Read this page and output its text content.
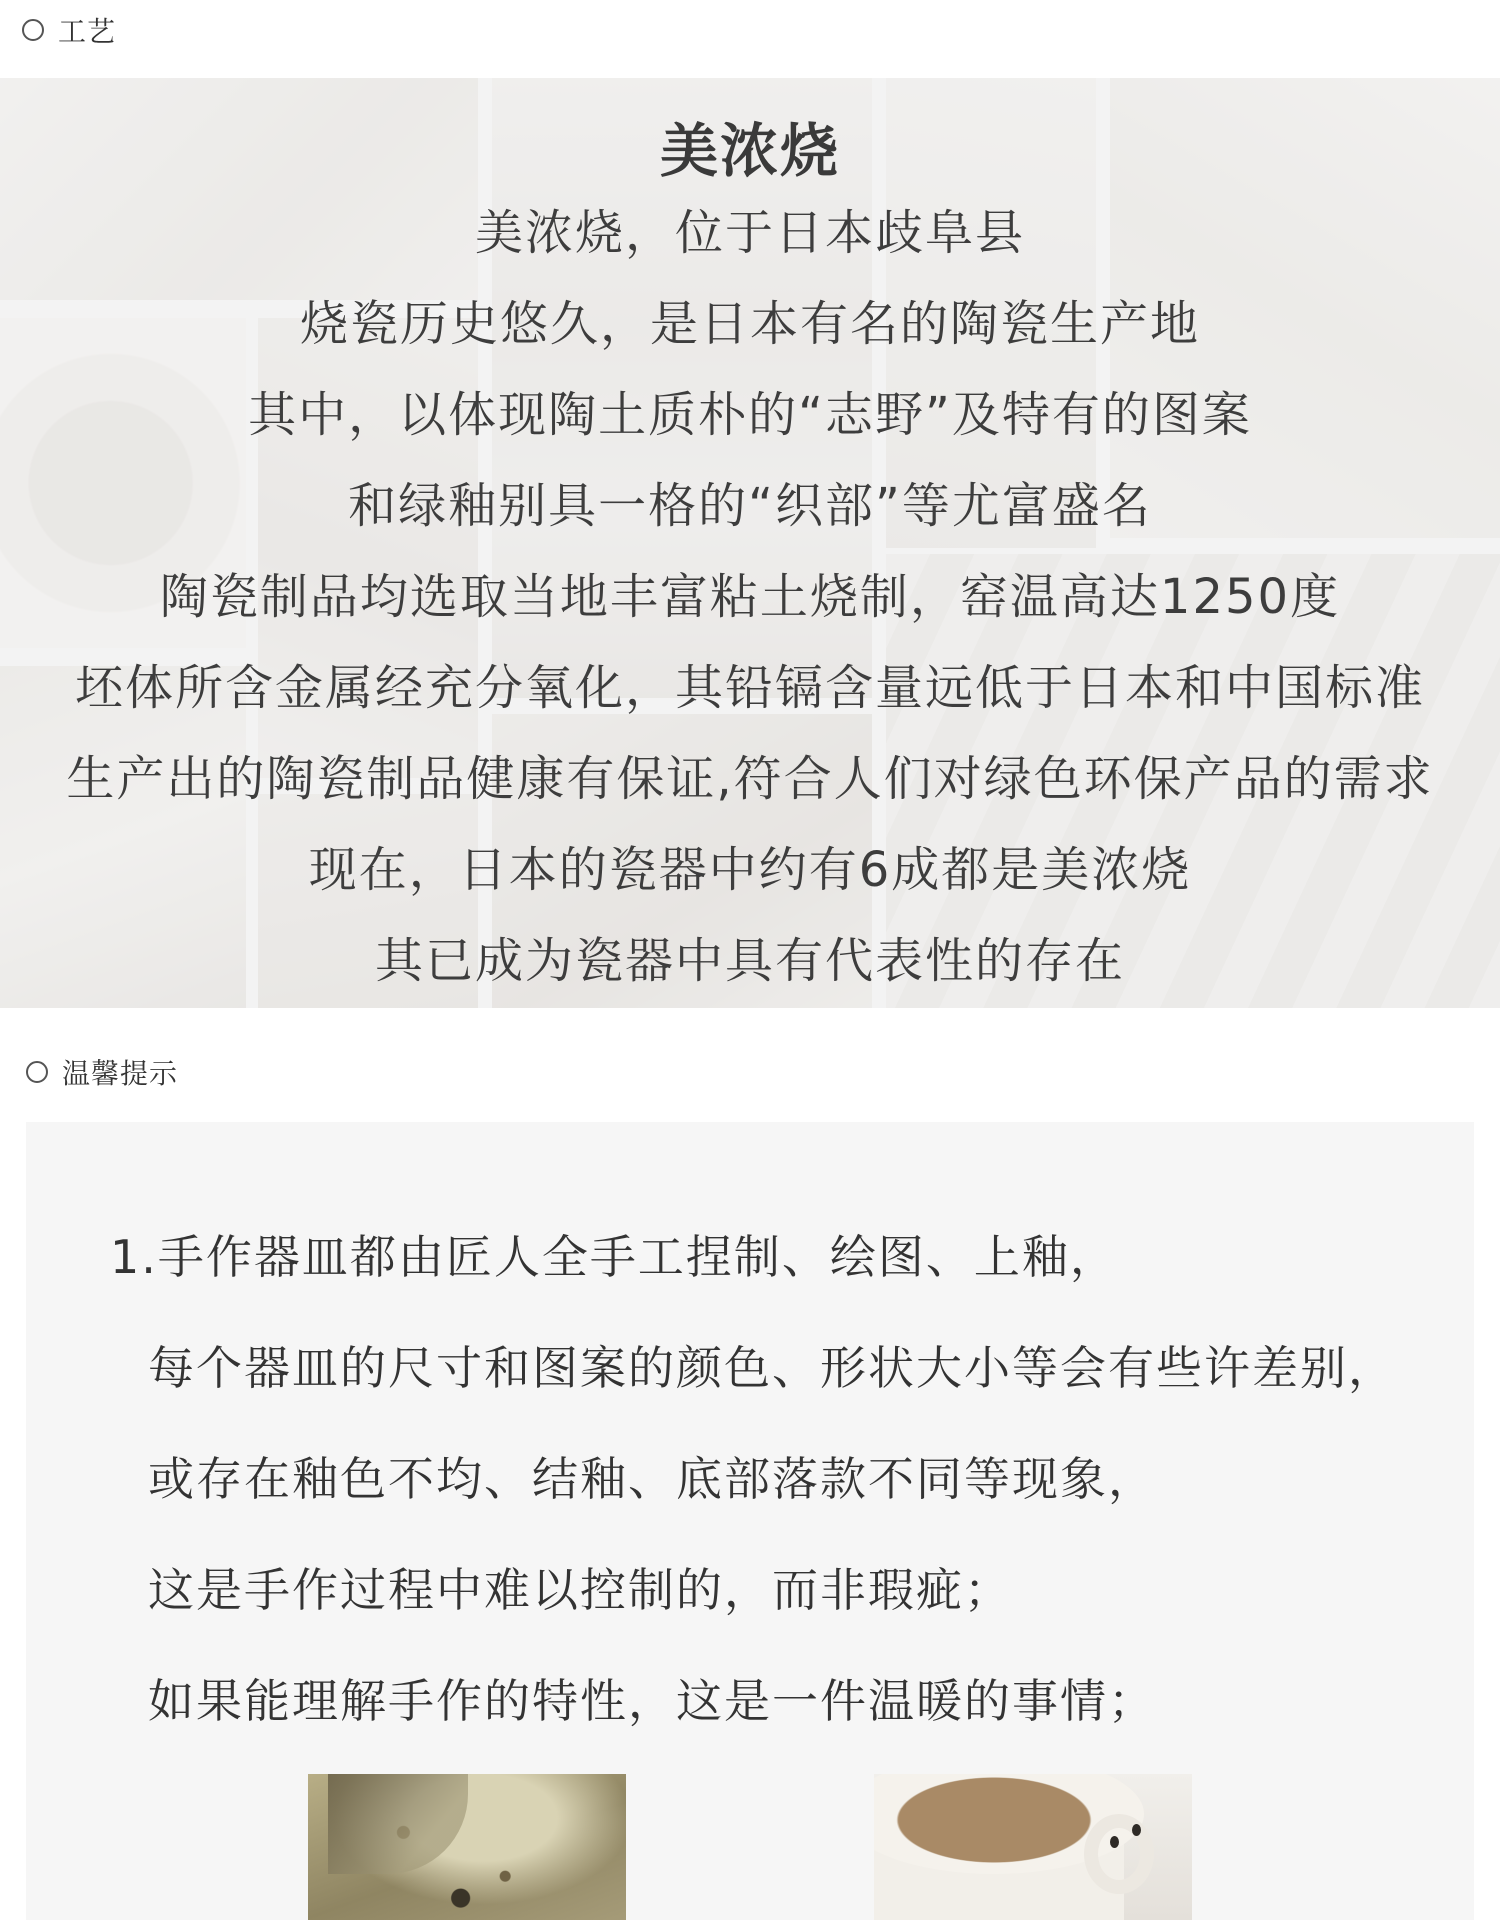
工艺
美浓烧
美浓烧，位于日本歧阜县
烧瓷历史悠久，是日本有名的陶瓷生产地
其中，以体现陶土质朴的“志野”及特有的图案
和绿釉别具一格的“织部”等尤富盛名
陶瓷制品均选取当地丰富粘土烧制，窑温高达1250度
坯体所含金属经充分氧化，其铅镉含量远低于日本和中国标准
生产出的陶瓷制品健康有保证,符合人们对绿色环保产品的需求
现在，日本的瓷器中约有6成都是美浓烧
其已成为瓷器中具有代表性的存在
温馨提示
1.手作器皿都由匠人全手工捏制、绘图、上釉，
每个器皿的尺寸和图案的颜色、形状大小等会有些许差别，
或存在釉色不均、结釉、底部落款不同等现象，
这是手作过程中难以控制的，而非瑕疵；
如果能理解手作的特性，这是一件温暖的事情；
